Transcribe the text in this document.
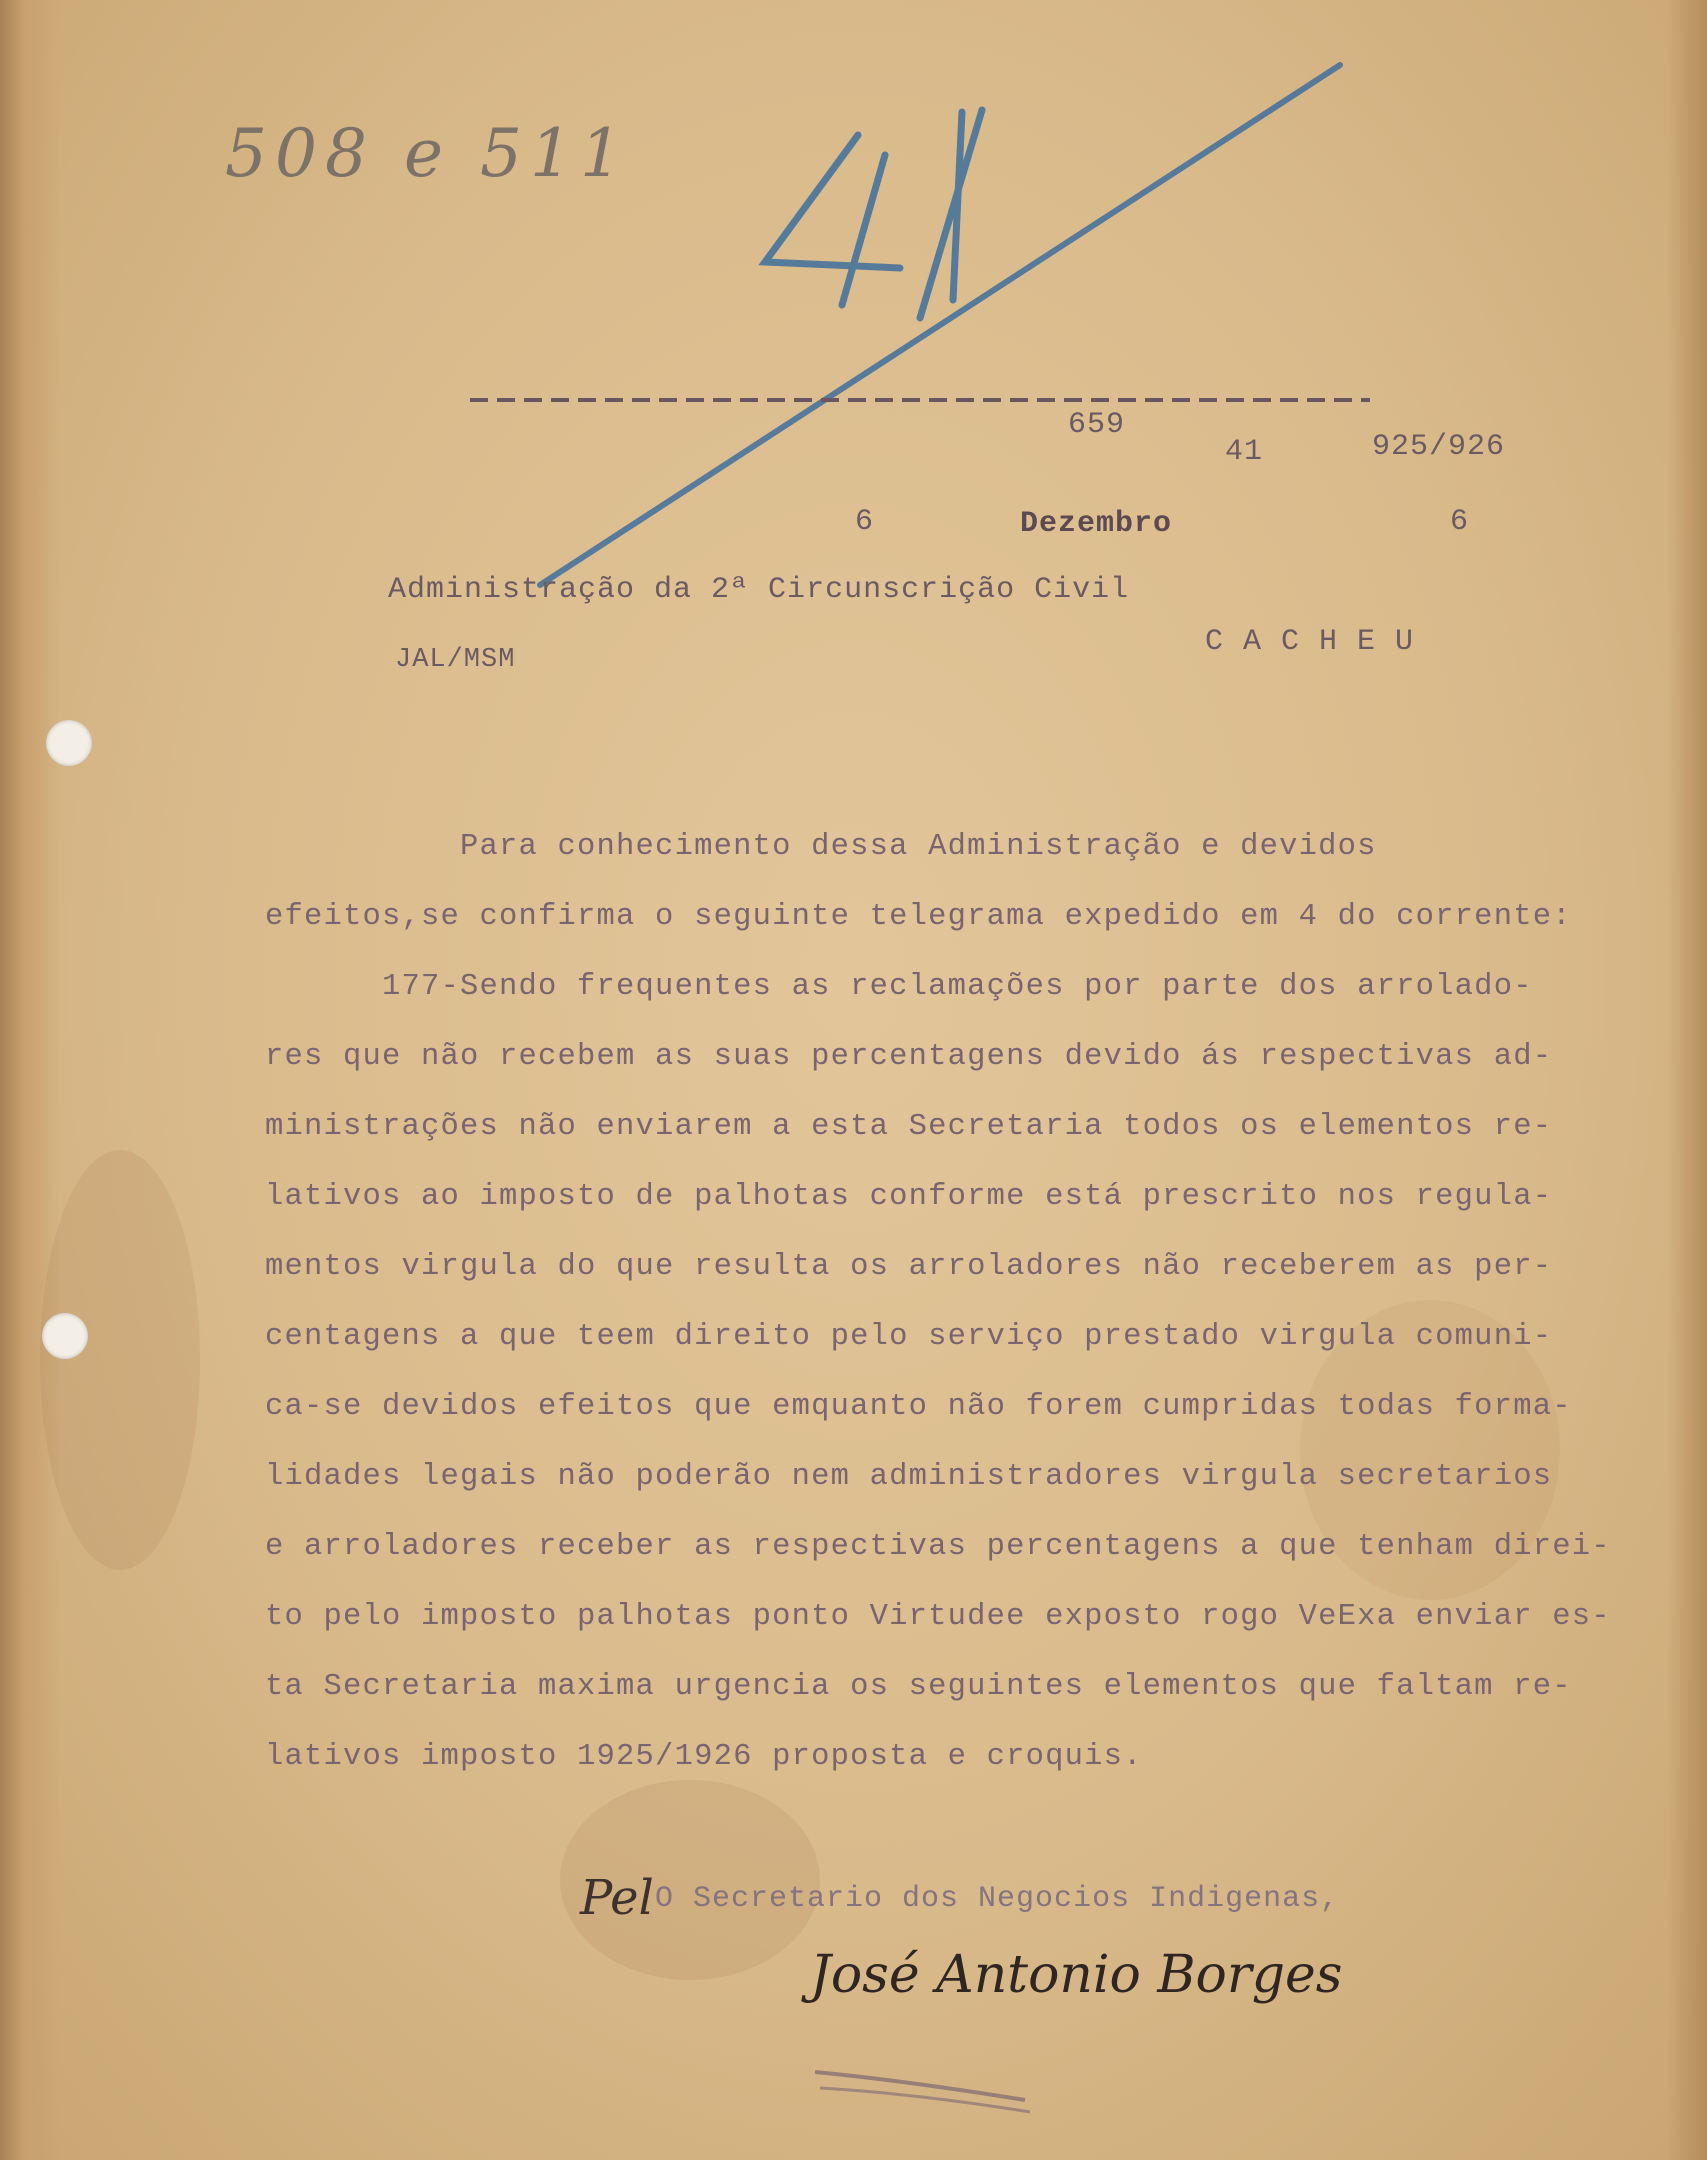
508 e 511
659
41	925/926
6	Dezembro	6
Administração da 2ª Circunscrição Civil
JAL/MSM
C A C H E U
Para conhecimento dessa Administração e devidos
efeitos,se confirma o seguinte telegrama expedido em 4 do corrente:
177-Sendo frequentes as reclamações por parte dos arrolado-
res que não recebem as suas percentagens devido ás respectivas ad-
ministrações não enviarem a esta Secretaria todos os elementos re-
lativos ao imposto de palhotas conforme está prescrito nos regula-
mentos virgula do que resulta os arroladores não receberem as per-
centagens a que teem direito pelo serviço prestado virgula comuni-
ca-se devidos efeitos que emquanto não forem cumpridas todas forma-
lidades legais não poderão nem administradores virgula secretarios
e arroladores receber as respectivas percentagens a que tenham direi-
to pelo imposto palhotas ponto Virtudee exposto rogo VeExa enviar es-
ta Secretaria maxima urgencia os seguintes elementos que faltam re-
lativos imposto 1925/1926 proposta e croquis.
Pel O Secretario dos Negocios Indigenas,
José Antonio Borges
